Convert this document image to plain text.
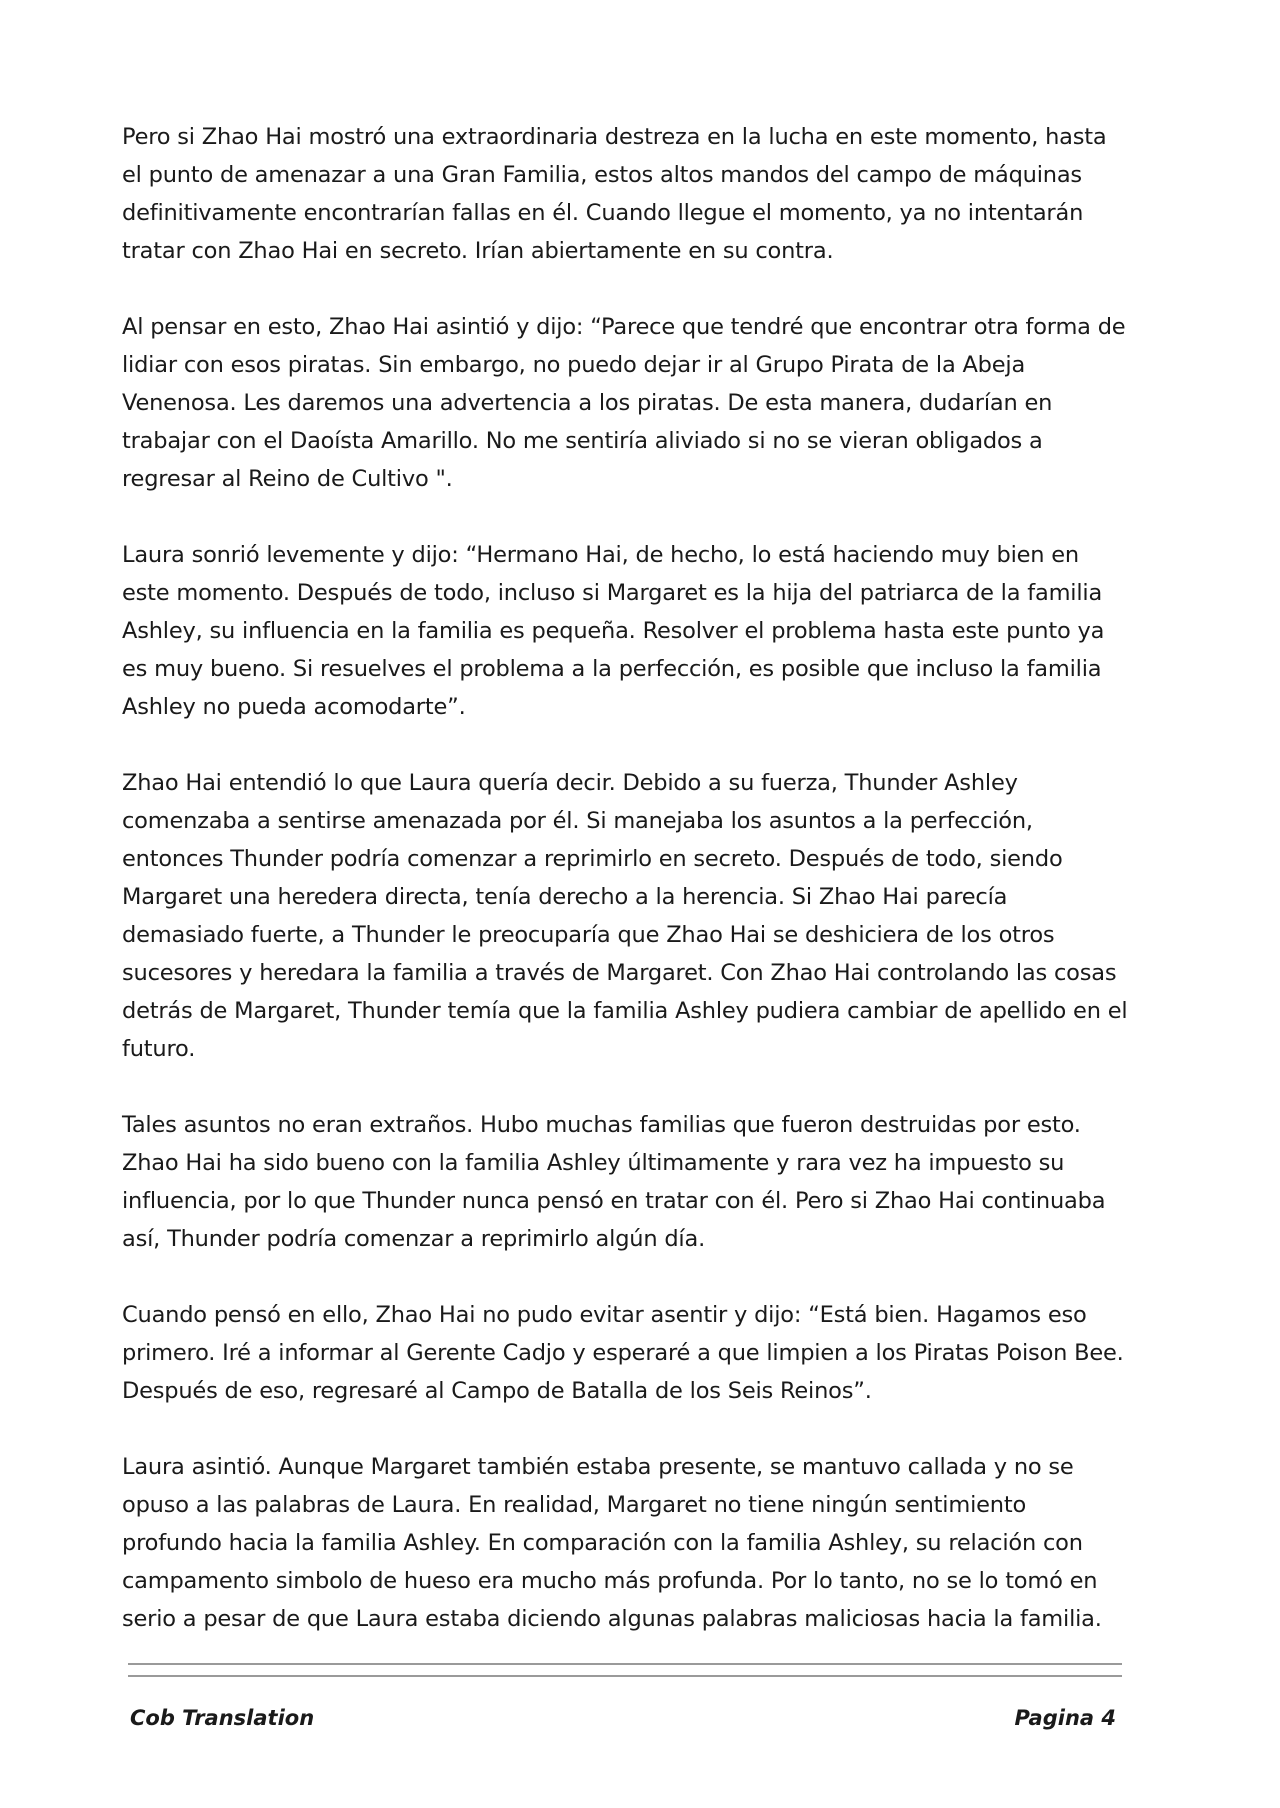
Pero si Zhao Hai mostró una extraordinaria destreza en la lucha en este momento, hasta el punto de amenazar a una Gran Familia, estos altos mandos del campo de máquinas definitivamente encontrarían fallas en él. Cuando llegue el momento, ya no intentarán tratar con Zhao Hai en secreto. Irían abiertamente en su contra.

Al pensar en esto, Zhao Hai asintió y dijo: “Parece que tendré que encontrar otra forma de lidiar con esos piratas. Sin embargo, no puedo dejar ir al Grupo Pirata de la Abeja Venenosa. Les daremos una advertencia a los piratas. De esta manera, dudarían en trabajar con el Daoísta Amarillo. No me sentiría aliviado si no se vieran obligados a regresar al Reino de Cultivo ".

Laura sonrió levemente y dijo: “Hermano Hai, de hecho, lo está haciendo muy bien en este momento. Después de todo, incluso si Margaret es la hija del patriarca de la familia Ashley, su influencia en la familia es pequeña. Resolver el problema hasta este punto ya es muy bueno. Si resuelves el problema a la perfección, es posible que incluso la familia Ashley no pueda acomodarte”.

Zhao Hai entendió lo que Laura quería decir. Debido a su fuerza, Thunder Ashley comenzaba a sentirse amenazada por él. Si manejaba los asuntos a la perfección, entonces Thunder podría comenzar a reprimirlo en secreto. Después de todo, siendo Margaret una heredera directa, tenía derecho a la herencia. Si Zhao Hai parecía demasiado fuerte, a Thunder le preocuparía que Zhao Hai se deshiciera de los otros sucesores y heredara la familia a través de Margaret. Con Zhao Hai controlando las cosas detrás de Margaret, Thunder temía que la familia Ashley pudiera cambiar de apellido en el futuro.

Tales asuntos no eran extraños. Hubo muchas familias que fueron destruidas por esto. Zhao Hai ha sido bueno con la familia Ashley últimamente y rara vez ha impuesto su influencia, por lo que Thunder nunca pensó en tratar con él. Pero si Zhao Hai continuaba así, Thunder podría comenzar a reprimirlo algún día.

Cuando pensó en ello, Zhao Hai no pudo evitar asentir y dijo: “Está bien. Hagamos eso primero. Iré a informar al Gerente Cadjo y esperaré a que limpien a los Piratas Poison Bee. Después de eso, regresaré al Campo de Batalla de los Seis Reinos”.

Laura asintió. Aunque Margaret también estaba presente, se mantuvo callada y no se opuso a las palabras de Laura. En realidad, Margaret no tiene ningún sentimiento profundo hacia la familia Ashley. En comparación con la familia Ashley, su relación con campamento simbolo de hueso era mucho más profunda. Por lo tanto, no se lo tomó en serio a pesar de que Laura estaba diciendo algunas palabras maliciosas hacia la familia.

Cob Translation	Pagina 4
